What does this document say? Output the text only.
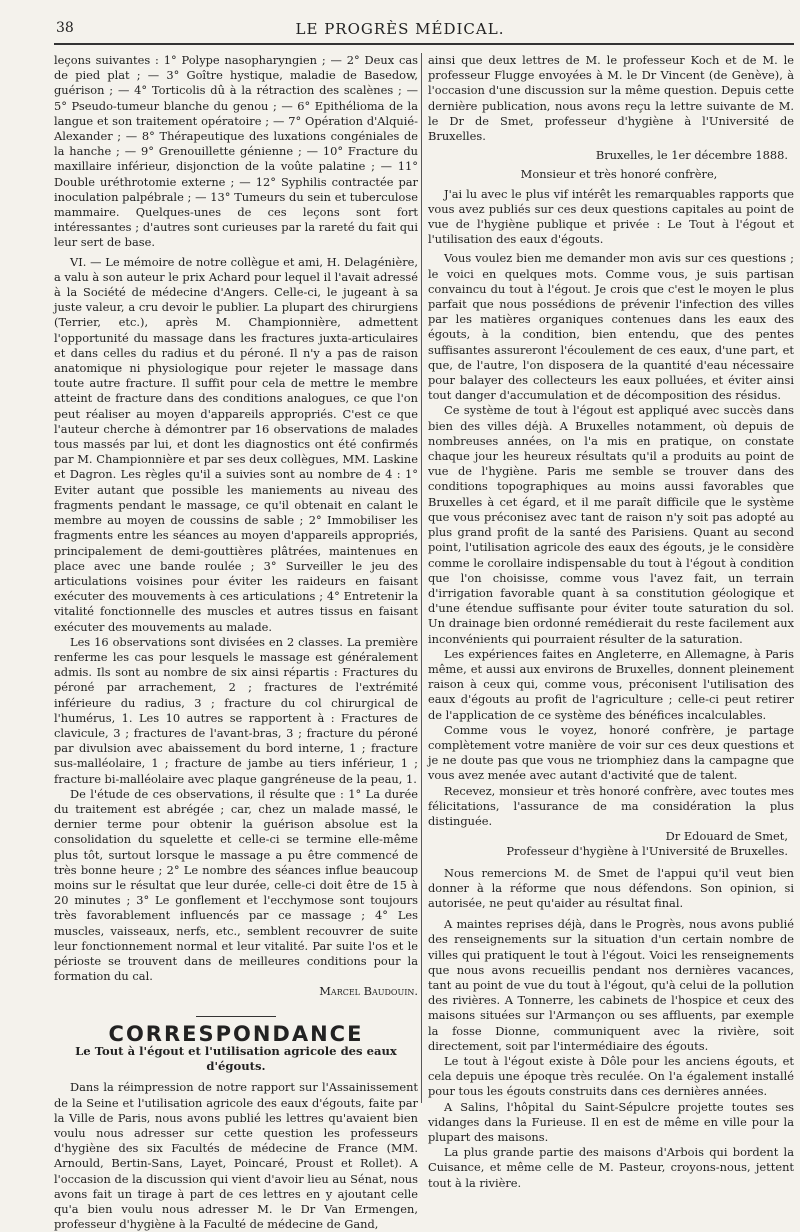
38	LE PROGRÈS MÉDICAL.

leçons suivantes : 1° Polype nasopharyngien ; — 2° Deux cas de pied plat ; — 3° Goître hystique, maladie de Basedow, guérison ; — 4° Torticolis dû à la rétraction des scalènes ; — 5° Pseudo-tumeur blanche du genou ; — 6° Epithélioma de la langue et son traitement opératoire ; — 7° Opération d'Alquié-Alexander ; — 8° Thérapeutique des luxations congéniales de la hanche ; — 9° Grenouillette génienne ; — 10° Fracture du maxillaire inférieur, disjonction de la voûte palatine ; — 11° Double uréthrotomie externe ; — 12° Syphilis contractée par inoculation palpébrale ; — 13° Tumeurs du sein et tuberculose mammaire. Quelques-unes de ces leçons sont fort intéressantes ; d'autres sont curieuses par la rareté du fait qui leur sert de base.

VI. — Le mémoire de notre collègue et ami, H. Delagénière, a valu à son auteur le prix Achard pour lequel il l'avait adressé à la Société de médecine d'Angers. Celle-ci, le jugeant à sa juste valeur, a cru devoir le publier. La plupart des chirurgiens (Terrier, etc.), après M. Championnière, admettent l'opportunité du massage dans les fractures juxta-articulaires et dans celles du radius et du péroné. Il n'y a pas de raison anatomique ni physiologique pour rejeter le massage dans toute autre fracture. Il suffit pour cela de mettre le membre atteint de fracture dans des conditions analogues, ce que l'on peut réaliser au moyen d'appareils appropriés. C'est ce que l'auteur cherche à démontrer par 16 observations de malades tous massés par lui, et dont les diagnostics ont été confirmés par M. Championnière et par ses deux collègues, MM. Laskine et Dagron. Les règles qu'il a suivies sont au nombre de 4 : 1° Eviter autant que possible les maniements au niveau des fragments pendant le massage, ce qu'il obtenait en calant le membre au moyen de coussins de sable ; 2° Immobiliser les fragments entre les séances au moyen d'appareils appropriés, principalement de demi-gouttières plâtrées, maintenues en place avec une bande roulée ; 3° Surveiller le jeu des articulations voisines pour éviter les raideurs en faisant exécuter des mouvements à ces articulations ; 4° Entretenir la vitalité fonctionnelle des muscles et autres tissus en faisant exécuter des mouvements au malade.

Les 16 observations sont divisées en 2 classes. La première renferme les cas pour lesquels le massage est généralement admis. Ils sont au nombre de six ainsi répartis : Fractures du péroné par arrachement, 2 ; fractures de l'extrémité inférieure du radius, 3 ; fracture du col chirurgical de l'humérus, 1. Les 10 autres se rapportent à : Fractures de clavicule, 3 ; fractures de l'avant-bras, 3 ; fracture du péroné par divulsion avec abaissement du bord interne, 1 ; fracture sus-malléolaire, 1 ; fracture de jambe au tiers inférieur, 1 ; fracture bi-malléolaire avec plaque gangréneuse de la peau, 1.

De l'étude de ces observations, il résulte que : 1° La durée du traitement est abrégée ; car, chez un malade massé, le dernier terme pour obtenir la guérison absolue est la consolidation du squelette et celle-ci se termine elle-même plus tôt, surtout lorsque le massage a pu être commencé de très bonne heure ; 2° Le nombre des séances influe beaucoup moins sur le résultat que leur durée, celle-ci doit être de 15 à 20 minutes ; 3° Le gonflement et l'ecchymose sont toujours très favorablement influencés par ce massage ; 4° Les muscles, vaisseaux, nerfs, etc., semblent recouvrer de suite leur fonctionnement normal et leur vitalité. Par suite l'os et le périoste se trouvent dans de meilleures conditions pour la formation du cal.

Marcel Baudouin.

CORRESPONDANCE
Le Tout à l'égout et l'utilisation agricole des eaux d'égouts.

Dans la réimpression de notre rapport sur l'Assainissement de la Seine et l'utilisation agricole des eaux d'égouts, faite par la Ville de Paris, nous avons publié les lettres qu'avaient bien voulu nous adresser sur cette question les professeurs d'hygiène des six Facultés de médecine de France (MM. Arnould, Bertin-Sans, Layet, Poincaré, Proust et Rollet). A l'occasion de la discussion qui vient d'avoir lieu au Sénat, nous avons fait un tirage à part de ces lettres en y ajoutant celle qu'a bien voulu nous adresser M. le Dr Van Ermengen, professeur d'hygiène à la Faculté de médecine de Gand,

ainsi que deux lettres de M. le professeur Koch et de M. le professeur Flugge envoyées à M. le Dr Vincent (de Genève), à l'occasion d'une discussion sur la même question. Depuis cette dernière publication, nous avons reçu la lettre suivante de M. le Dr de Smet, professeur d'hygiène à l'Université de Bruxelles.

Bruxelles, le 1er décembre 1888.

Monsieur et très honoré confrère,

J'ai lu avec le plus vif intérêt les remarquables rapports que vous avez publiés sur ces deux questions capitales au point de vue de l'hygiène publique et privée : Le Tout à l'égout et l'utilisation des eaux d'égouts.

Vous voulez bien me demander mon avis sur ces questions ; le voici en quelques mots. Comme vous, je suis partisan convaincu du tout à l'égout. Je crois que c'est le moyen le plus parfait que nous possédions de prévenir l'infection des villes par les matières organiques contenues dans les eaux des égouts, à la condition, bien entendu, que des pentes suffisantes assureront l'écoulement de ces eaux, d'une part, et que, de l'autre, l'on disposera de la quantité d'eau nécessaire pour balayer des collecteurs les eaux polluées, et éviter ainsi tout danger d'accumulation et de décomposition des résidus.

Ce système de tout à l'égout est appliqué avec succès dans bien des villes déjà. A Bruxelles notamment, où depuis de nombreuses années, on l'a mis en pratique, on constate chaque jour les heureux résultats qu'il a produits au point de vue de l'hygiène. Paris me semble se trouver dans des conditions topographiques au moins aussi favorables que Bruxelles à cet égard, et il me paraît difficile que le système que vous préconisez avec tant de raison n'y soit pas adopté au plus grand profit de la santé des Parisiens. Quant au second point, l'utilisation agricole des eaux des égouts, je le considère comme le corollaire indispensable du tout à l'égout à condition que l'on choisisse, comme vous l'avez fait, un terrain d'irrigation favorable quant à sa constitution géologique et d'une étendue suffisante pour éviter toute saturation du sol. Un drainage bien ordonné remédierait du reste facilement aux inconvénients qui pourraient résulter de la saturation.

Les expériences faites en Angleterre, en Allemagne, à Paris même, et aussi aux environs de Bruxelles, donnent pleinement raison à ceux qui, comme vous, préconisent l'utilisation des eaux d'égouts au profit de l'agriculture ; celle-ci peut retirer de l'application de ce système des bénéfices incalculables.

Comme vous le voyez, honoré confrère, je partage complètement votre manière de voir sur ces deux questions et je ne doute pas que vous ne triomphiez dans la campagne que vous avez menée avec autant d'activité que de talent.

Recevez, monsieur et très honoré confrère, avec toutes mes félicitations, l'assurance de ma considération la plus distinguée.

Dr Edouard de Smet,

Professeur d'hygiène à l'Université de Bruxelles.

Nous remercions M. de Smet de l'appui qu'il veut bien donner à la réforme que nous défendons. Son opinion, si autorisée, ne peut qu'aider au résultat final.

A maintes reprises déjà, dans le Progrès, nous avons publié des renseignements sur la situation d'un certain nombre de villes qui pratiquent le tout à l'égout. Voici les renseignements que nous avons recueillis pendant nos dernières vacances, tant au point de vue du tout à l'égout, qu'à celui de la pollution des rivières. A Tonnerre, les cabinets de l'hospice et ceux des maisons situées sur l'Armançon ou ses affluents, par exemple la fosse Dionne, communiquent avec la rivière, soit directement, soit par l'intermédiaire des égouts.

Le tout à l'égout existe à Dôle pour les anciens égouts, et cela depuis une époque très reculée. On l'a également installé pour tous les égouts construits dans ces dernières années.

A Salins, l'hôpital du Saint-Sépulcre projette toutes ses vidanges dans la Furieuse. Il en est de même en ville pour la plupart des maisons.

La plus grande partie des maisons d'Arbois qui bordent la Cuisance, et même celle de M. Pasteur, croyons-nous, jettent tout à la rivière.
